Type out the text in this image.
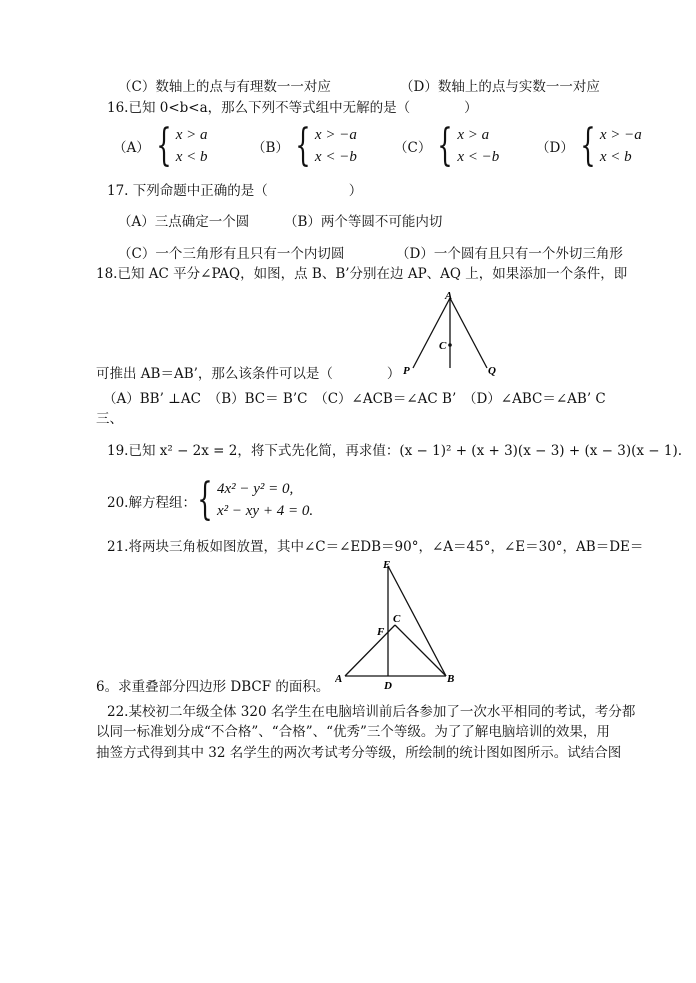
（C）数轴上的点与有理数一一对应	（D）数轴上的点与实数一一对应
16.已知 0<b<a，那么下列不等式组中无解的是（　　　　）
（A） { x > a
x < b
（B） { x > −a
x < −b
（C） { x > a
x < −b
（D） { x > −a
x < b
17. 下列命题中正确的是（　　　　　　）
（A）三点确定一个圆	（B）两个等圆不可能内切
（C）一个三角形有且只有一个内切圆	（D）一个圆有且只有一个外切三角形
18.已知 AC 平分∠PAQ，如图，点 B、B’分别在边 AP、AQ 上，如果添加一个条件，即
A
C
P	Q
可推出 AB＝AB’，那么该条件可以是（　　　　）
（A）BB’ ⊥AC　（B）BC＝ B’C　（C）∠ACB＝∠AC B’　（D）∠ABC＝∠AB’ C
三、
19.已知 x² − 2x = 2，将下式先化简，再求值：(x − 1)² + (x + 3)(x − 3) + (x − 3)(x − 1).
20.解方程组： { 4x² − y² = 0,
x² − xy + 4 = 0.
21.将两块三角板如图放置，其中∠C＝∠EDB＝90°，∠A＝45°，∠E＝30°，AB＝DE＝
E
C
F
A
D
B
6。求重叠部分四边形 DBCF 的面积。
22.某校初二年级全体 320 名学生在电脑培训前后各参加了一次水平相同的考试，考分都
以同一标准划分成“不合格”、“合格”、“优秀”三个等级。为了了解电脑培训的效果，用
抽签方式得到其中 32 名学生的两次考试考分等级，所绘制的统计图如图所示。试结合图
